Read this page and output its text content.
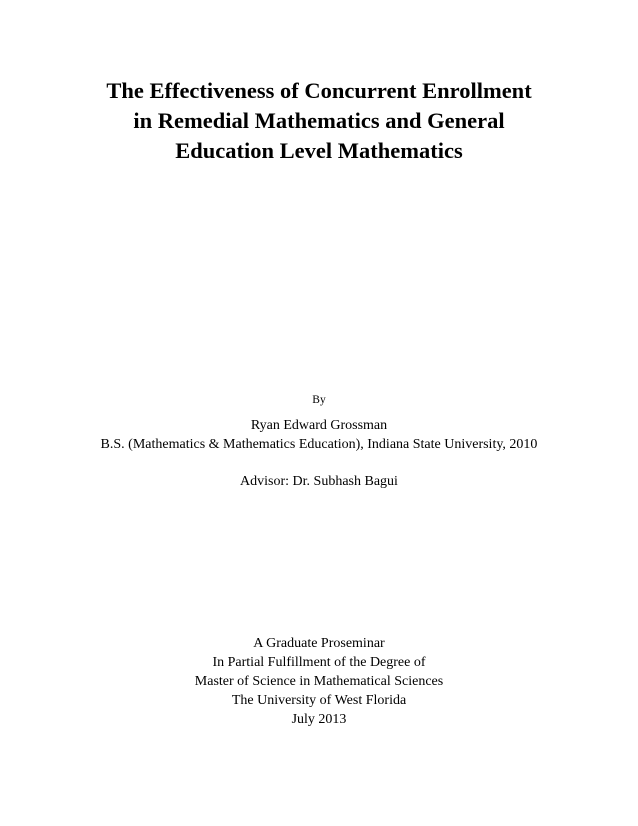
The Effectiveness of Concurrent Enrollment
in Remedial Mathematics and General
Education Level Mathematics
By
Ryan Edward Grossman
B.S. (Mathematics & Mathematics Education), Indiana State University, 2010
Advisor: Dr. Subhash Bagui
A Graduate Proseminar
In Partial Fulfillment of the Degree of
Master of Science in Mathematical Sciences
The University of West Florida
July 2013
